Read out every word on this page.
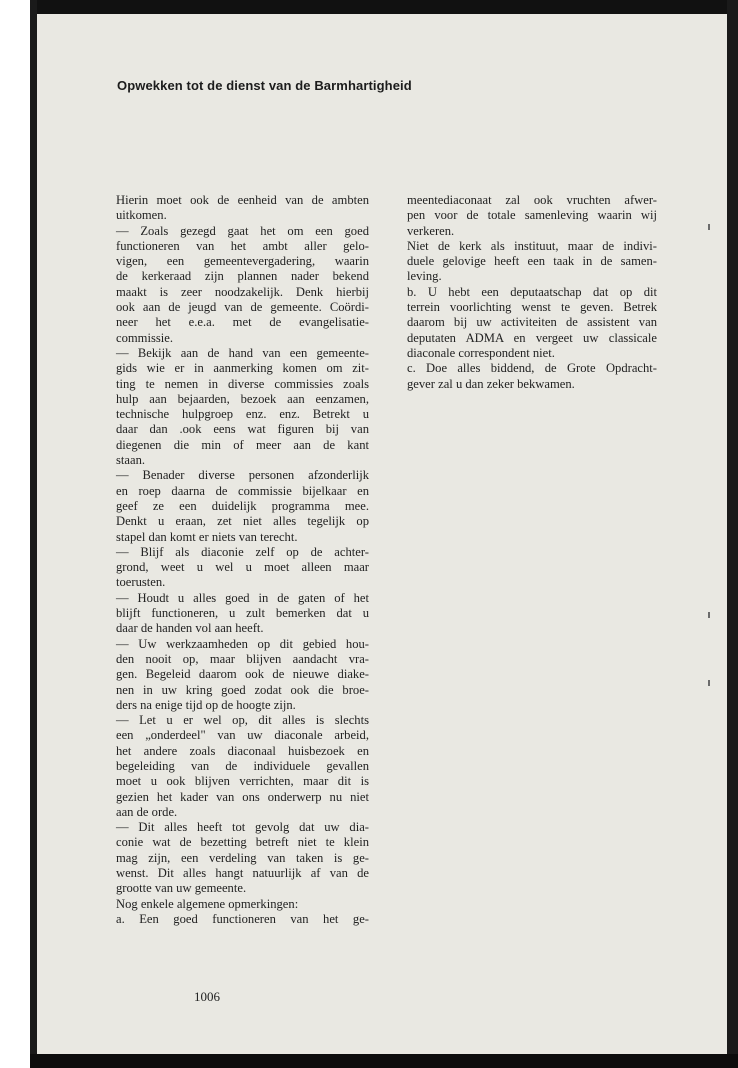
Opwekken tot de dienst van de Barmhartigheid
Hierin moet ook de eenheid van de ambten
uitkomen.
— Zoals gezegd gaat het om een goed
functioneren van het ambt aller gelo-
vigen, een gemeentevergadering, waarin
de kerkeraad zijn plannen nader bekend
maakt is zeer noodzakelijk. Denk hierbij
ook aan de jeugd van de gemeente. Coördi-
neer het e.e.a. met de evangelisatie-
commissie.
— Bekijk aan de hand van een gemeente-
gids wie er in aanmerking komen om zit-
ting te nemen in diverse commissies zoals
hulp aan bejaarden, bezoek aan eenzamen,
technische hulpgroep enz. enz. Betrekt u
daar dan .ook eens wat figuren bij van
diegenen die min of meer aan de kant
staan.
— Benader diverse personen afzonderlijk
en roep daarna de commissie bijelkaar en
geef ze een duidelijk programma mee.
Denkt u eraan, zet niet alles tegelijk op
stapel dan komt er niets van terecht.
— Blijf als diaconie zelf op de achter-
grond, weet u wel u moet alleen maar
toerusten.
— Houdt u alles goed in de gaten of het
blijft functioneren, u zult bemerken dat u
daar de handen vol aan heeft.
— Uw werkzaamheden op dit gebied hou-
den nooit op, maar blijven aandacht vra-
gen. Begeleid daarom ook de nieuwe diake-
nen in uw kring goed zodat ook die broe-
ders na enige tijd op de hoogte zijn.
— Let u er wel op, dit alles is slechts
een „onderdeel" van uw diaconale arbeid,
het andere zoals diaconaal huisbezoek en
begeleiding van de individuele gevallen
moet u ook blijven verrichten, maar dit is
gezien het kader van ons onderwerp nu niet
aan de orde.
— Dit alles heeft tot gevolg dat uw dia-
conie wat de bezetting betreft niet te klein
mag zijn, een verdeling van taken is ge-
wenst. Dit alles hangt natuurlijk af van de
grootte van uw gemeente.
Nog enkele algemene opmerkingen:
a. Een goed functioneren van het ge-
meentediaconaat zal ook vruchten afwer-
pen voor de totale samenleving waarin wij
verkeren.
Niet de kerk als instituut, maar de indivi-
duele gelovige heeft een taak in de samen-
leving.
b. U hebt een deputaatschap dat op dit
terrein voorlichting wenst te geven. Betrek
daarom bij uw activiteiten de assistent van
deputaten ADMA en vergeet uw classicale
diaconale correspondent niet.
c. Doe alles biddend, de Grote Opdracht-
gever zal u dan zeker bekwamen.
1006
